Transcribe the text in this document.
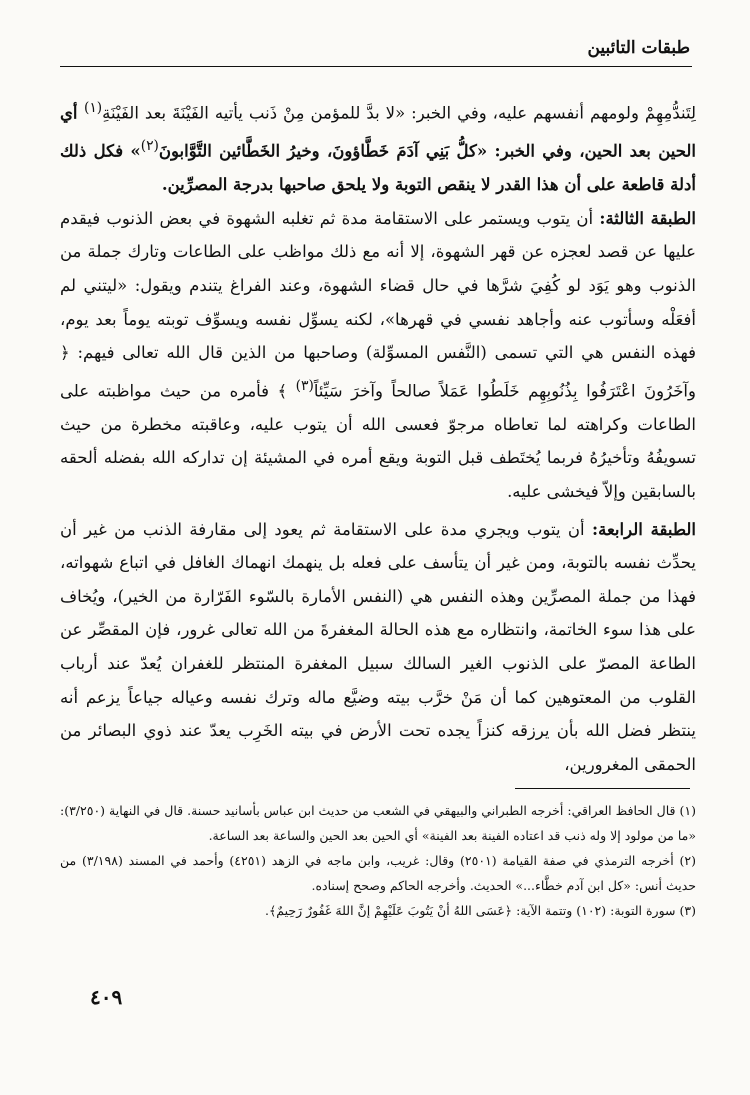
طبقات التائبين

لِتَندُّمِهِمْ ولومهم أنفسهم عليه، وفي الخبر: «لا بدَّ للمؤمن مِنْ ذَنب يأتيه الفَيْنَةَ بعد الفَيْنَةِ$^{(١)}$ أي الحين بعد الحين، وفي الخبر: «كلُّ بَنِي آدَمَ خَطَّاؤونَ، وخيرُ الخَطَّائين التَّوَّابونَ$^{(٢)}$» فكل ذلك أدلة قاطعة على أن هذا القدر لا ينقص التوبة ولا يلحق صاحبها بدرجة المصرِّين.

الطبقة الثالثة: أن يتوب ويستمر على الاستقامة مدة ثم تغلبه الشهوة في بعض الذنوب فيقدم عليها عن قصد لعجزه عن قهر الشهوة، إلا أنه مع ذلك مواظب على الطاعات وتارك جملة من الذنوب وهو يَوَد لو كُفِيَ شرَّها في حال قضاء الشهوة، وعند الفراغ يتندم ويقول: «ليتني لم أفعَلْه وسأتوب عنه وأجاهد نفسي في قهرها»، لكنه يسوِّل نفسه ويسوِّف توبته يوماً بعد يوم، فهذه النفس هي التي تسمى (النَّفس المسوِّلة) وصاحبها من الذين قال الله تعالى فيهم: ﴿ وآخَرُونَ اعْتَرَفُوا بِذُنُوبِهِم خَلَطُوا عَمَلاً صالحاً وآخرَ سَيِّئاً$^{(٣)}$ ﴾ فأمره من حيث مواظبته على الطاعات وكراهته لما تعاطاه مرجوّ فعسى الله أن يتوب عليه، وعاقبته مخطرة من حيث تسويفُهُ وتأخيرُهُ فربما يُختَطف قبل التوبة ويقع أمره في المشيئة إن تداركه الله بفضله ألحقه بالسابقين وإلاّ فيخشى عليه.

الطبقة الرابعة: أن يتوب ويجري مدة على الاستقامة ثم يعود إلى مقارفة الذنب من غير أن يحدِّث نفسه بالتوبة، ومن غير أن يتأسف على فعله بل ينهمك انهماك الغافل في اتباع شهواته، فهذا من جملة المصرِّين وهذه النفس هي (النفس الأمارة بالسّوء الفَرّارة من الخير)، ويُخاف على هذا سوء الخاتمة، وانتظاره مع هذه الحالة المغفرةَ من الله تعالى غرور، فإن المقصِّر عن الطاعة المصرّ على الذنوب الغير السالك سبيل المغفرة المنتظر للغفران يُعدّ عند أرباب القلوب من المعتوهين كما أن مَنْ خرَّب بيته وضيَّع ماله وترك نفسه وعياله جياعاً يزعم أنه ينتظر فضل الله بأن يرزقه كنزاً يجده تحت الأرض في بيته الخَرِب يعدّ عند ذوي البصائر من الحمقى المغرورين،

(١) قال الحافظ العراقي: أخرجه الطبراني والبيهقي في الشعب من حديث ابن عباس بأسانيد حسنة. قال في النهاية (٣/٢٥٠): «ما من مولود إلا وله ذنب قد اعتاده الفينة بعد الفينة» أي الحين بعد الحين والساعة بعد الساعة.

(٢) أخرجه الترمذي في صفة القيامة (٢٥٠١) وقال: غريب، وابن ماجه في الزهد (٤٢٥١) وأحمد في المسند (٣/١٩٨) من حديث أنس: «كل ابن آدم خطَّاء...» الحديث. وأخرجه الحاكم وصحح إسناده.

(٣) سورة التوبة: (١٠٢) وتتمة الآية: ﴿عَسَى اللهُ أنْ يَتُوبَ عَلَيْهِمْ إنَّ اللهَ غَفُورٌ رَحِيمٌ﴾.

٤٠٩
